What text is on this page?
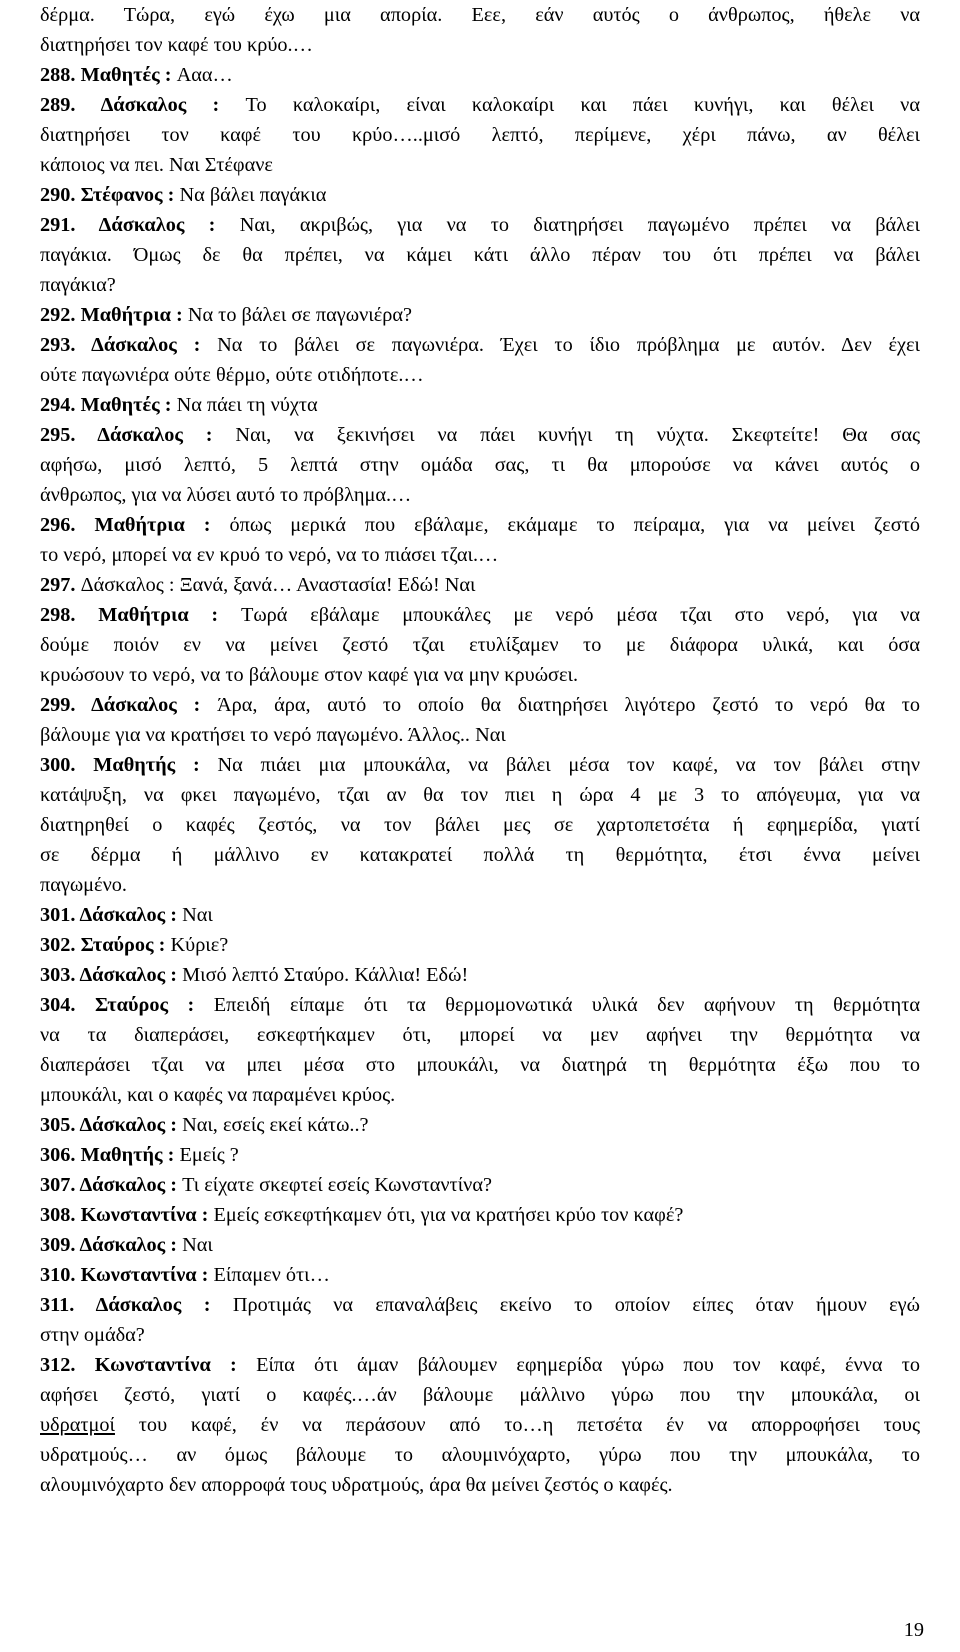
δέρμα. Τώρα, εγώ έχω μια απορία. Εεε, εάν αυτός ο άνθρωπος, ήθελε να
διατηρήσει τον καφέ του κρύο.…
288. Μαθητές : Aαα…
289. Δάσκαλος : Το καλοκαίρι, είναι καλοκαίρι και πάει κυνήγι, και θέλει να
διατηρήσει τον καφέ του κρύο…..μισό λεπτό, περίμενε, χέρι πάνω, αν θέλει
κάποιος να πει. Ναι Στέφανε
290. Στέφανος : Να βάλει παγάκια
291. Δάσκαλος : Ναι, ακριβώς, για να το διατηρήσει παγωμένο πρέπει να βάλει
παγάκια. Όμως δε θα πρέπει, να κάμει κάτι άλλο πέραν του ότι πρέπει να βάλει
παγάκια?
292. Μαθήτρια : Να το βάλει σε παγωνιέρα?
293. Δάσκαλος : Να το βάλει σε παγωνιέρα. Έχει το ίδιο πρόβλημα με αυτόν. Δεν έχει
ούτε παγωνιέρα ούτε θέρμο, ούτε οτιδήποτε.…
294. Μαθητές : Να πάει τη νύχτα
295. Δάσκαλος : Ναι, να ξεκινήσει να πάει κυνήγι τη νύχτα. Σκεφτείτε! Θα σας
αφήσω, μισό λεπτό, 5 λεπτά στην ομάδα σας, τι θα μπορούσε να κάνει αυτός ο
άνθρωπος, για να λύσει αυτό το πρόβλημα.…
296. Μαθήτρια : όπως μερικά που εβάλαμε, εκάμαμε το πείραμα, για να μείνει ζεστό
το νερό, μπορεί να εν κρυό το νερό, να το πιάσει τζαι.…
297. Δάσκαλος : Ξανά, ξανά… Αναστασία! Εδώ! Ναι
298. Μαθήτρια : Τωρά εβάλαμε μπουκάλες με νερό μέσα τζαι στο νερό, για να
δούμε ποιόν εν να μείνει ζεστό τζαι ετυλίξαμεν το με διάφορα υλικά, και όσα
κρυώσουν το νερό, να το βάλουμε στον καφέ για να μην κρυώσει.
299. Δάσκαλος : Άρα, άρα, αυτό το οποίο θα διατηρήσει λιγότερο ζεστό το νερό θα το
βάλουμε για να κρατήσει το νερό παγωμένο. Άλλος.. Ναι
300. Μαθητής : Να πιάει μια μπουκάλα, να βάλει μέσα τον καφέ, να τον βάλει στην
κατάψυξη, να φκει παγωμένο, τζαι αν θα τον πιει η ώρα 4 με 3 το απόγευμα, για να
διατηρηθεί ο καφές ζεστός, να τον βάλει μες σε χαρτοπετσέτα ή εφημερίδα, γιατί
σε δέρμα ή μάλλινο εν κατακρατεί πολλά τη θερμότητα, έτσι έννα μείνει
παγωμένο.
301. Δάσκαλος : Ναι
302. Σταύρος : Κύριε?
303. Δάσκαλος : Μισό λεπτό Σταύρο. Κάλλια! Εδώ!
304. Σταύρος : Επειδή είπαμε ότι τα θερμομονωτικά υλικά δεν αφήνουν τη θερμότητα
να τα διαπεράσει, εσκεφτήκαμεν ότι, μπορεί να μεν αφήνει την θερμότητα να
διαπεράσει τζαι να μπει μέσα στο μπουκάλι, να διατηρά τη θερμότητα έξω που το
μπουκάλι, και ο καφές να παραμένει κρύος.
305. Δάσκαλος : Ναι, εσείς εκεί κάτω..?
306. Μαθητής : Εμείς ?
307. Δάσκαλος : Τι είχατε σκεφτεί εσείς Κωνσταντίνα?
308. Κωνσταντίνα : Εμείς εσκεφτήκαμεν ότι, για να κρατήσει κρύο τον καφέ?
309. Δάσκαλος : Ναι
310. Κωνσταντίνα : Είπαμεν ότι…
311. Δάσκαλος : Προτιμάς να επαναλάβεις εκείνο το οποίον είπες όταν ήμουν εγώ
στην ομάδα?
312. Κωνσταντίνα : Είπα ότι άμαν βάλουμεν εφημερίδα γύρω που τον καφέ, έννα το
αφήσει ζεστό, γιατί ο καφές.…άν βάλουμε μάλλινο γύρω που την μπουκάλα, οι
υδρατμοί του καφέ, έν να περάσουν από το…η πετσέτα έν να απορροφήσει τους
υδρατμούς… αν όμως βάλουμε το αλουμινόχαρτο, γύρω που την μπουκάλα, το
αλουμινόχαρτο δεν απορροφά τους υδρατμούς, άρα θα μείνει ζεστός ο καφές.
19
